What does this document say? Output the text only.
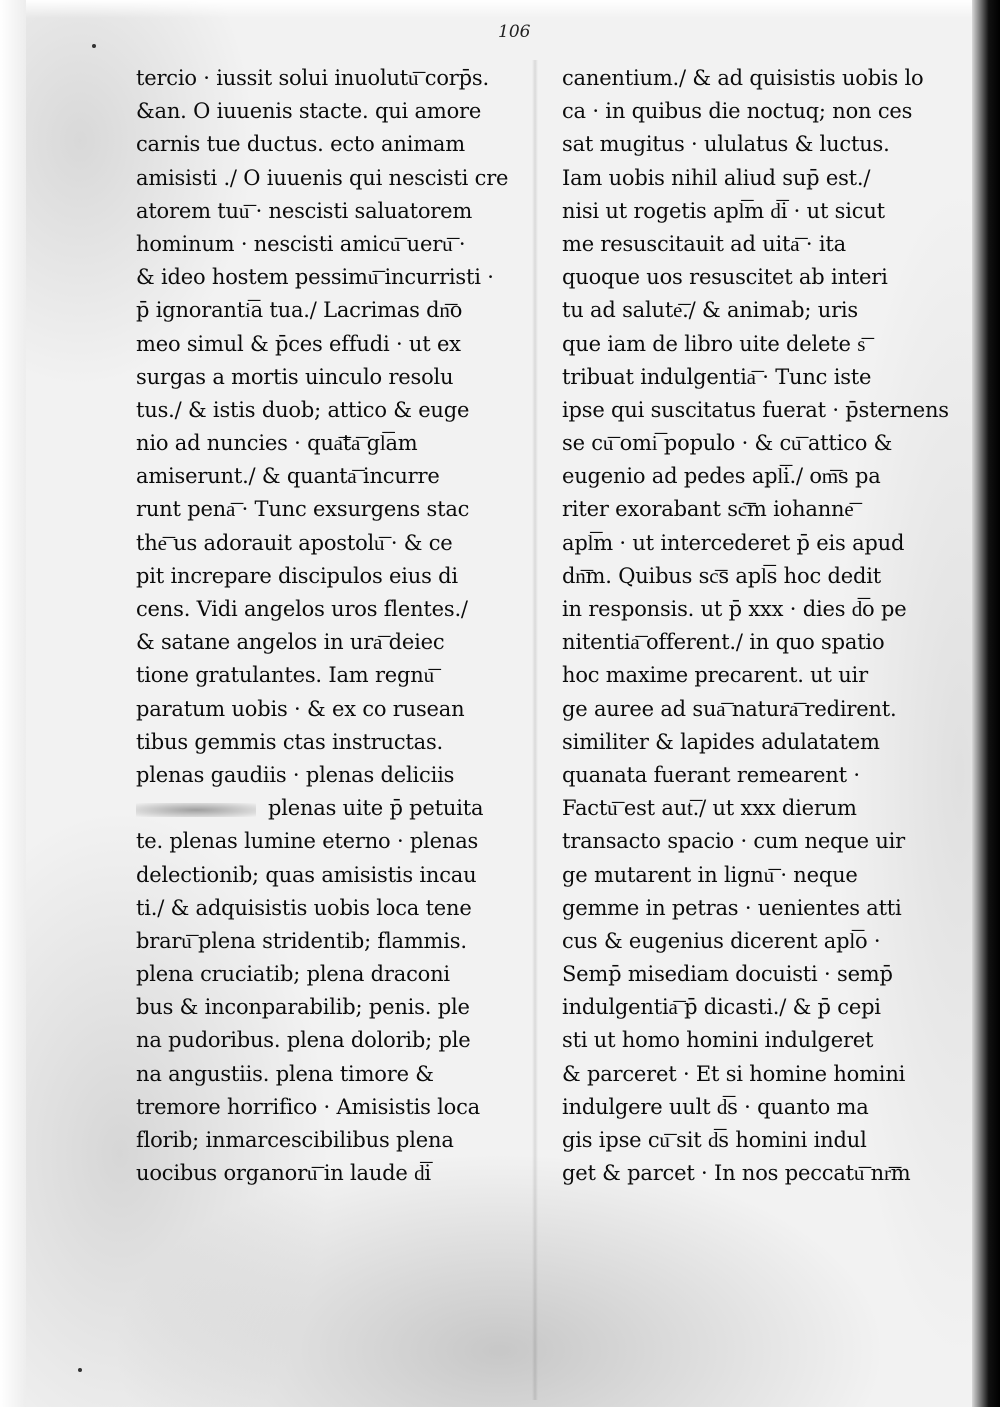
106
tercio · iussit solui inuolutu͞ corp̄s.
&an. O iuuenis stacte. qui amore
carnis tue ductus. ecto animam
amisisti ./ O iuuenis qui nescisti cre
atorem tuu͞ · nescisti saluatorem
hominum · nescisti amicu͞ ueru͞ ·
& ideo hostem pessimu͞ incurristi ·
p̄ ignoranti͞a tua./ Lacrimas dn͞o
meo simul & p̄ces effudi · ut ex
surgas a mortis uinculo resolu
tus./ & istis duob; attico & euge
nio ad nuncies · qua͞ta͞ gl͞am
amiserunt./ & quanta͞ incurre
runt pena͞ · Tunc exsurgens stac
the͞ us adorauit apostolu͞ · & ce
pit increpare discipulos eius di
cens. Vidi angelos uros flentes./
& satane angelos in ura͞ deiec
tione gratulantes. Iam regnu͞
paratum uobis · & ex co rusean
tibus gemmis ctas instructas.
plenas gaudiis · plenas deliciis
plenas uite p̄ petuita
te. plenas lumine eterno · plenas
delectionib; quas amisistis incau
ti./ & adquisistis uobis loca tene
braru͞ plena stridentib; flammis.
plena cruciatib; plena draconi
bus & inconparabilib; penis. ple
na pudoribus. plena dolorib; ple
na angustiis. plena timore &
tremore horrifico · Amisistis loca
florib; inmarcescibilibus plena
uocibus organoru͞ in laude d͞i
canentium./ & ad quisistis uobis lo
ca · in quibus die noctuq; non ces
sat mugitus · ululatus & luctus.
Iam uobis nihil aliud sup̄ est./
nisi ut rogetis apl͞m d͞i · ut sicut
me resuscitauit ad uita͞ · ita
quoque uos resuscitet ab interi
tu ad salute͞./ & animab; uris
que iam de libro uite delete s͞
tribuat indulgentia͞ · Tunc iste
ipse qui suscitatus fuerat · p̄sternens
se cu͞ omi͞ populo · & cu͞ attico &
eugenio ad pedes apl͞i./ om͞s pa
riter exorabant sc͞m iohanne͞
apl͞m · ut intercederet p̄ eis apud
dn͞m. Quibus sc͞s apl͞s hoc dedit
in responsis. ut p̄ xxx · dies d͞o pe
nitentia͞ offerent./ in quo spatio
hoc maxime precarent. ut uir
ge auree ad sua͞ natura͞ redirent.
similiter & lapides adulatatem
quanata fuerant remearent ·
Factu͞ est aut͞./ ut xxx dierum
transacto spacio · cum neque uir
ge mutarent in lignu͞ · neque
gemme in petras · uenientes atti
cus & eugenius dicerent apl͞o ·
Semp̄ misediam docuisti · semp̄
indulgentia͞ p̄ dicasti./ & p̄ cepi
sti ut homo homini indulgeret
& parceret · Et si homine homini
indulgere uult d͞s · quanto ma
gis ipse cu͞ sit d͞s homini indul
get & parcet · In nos peccatu͞ nr͞m
